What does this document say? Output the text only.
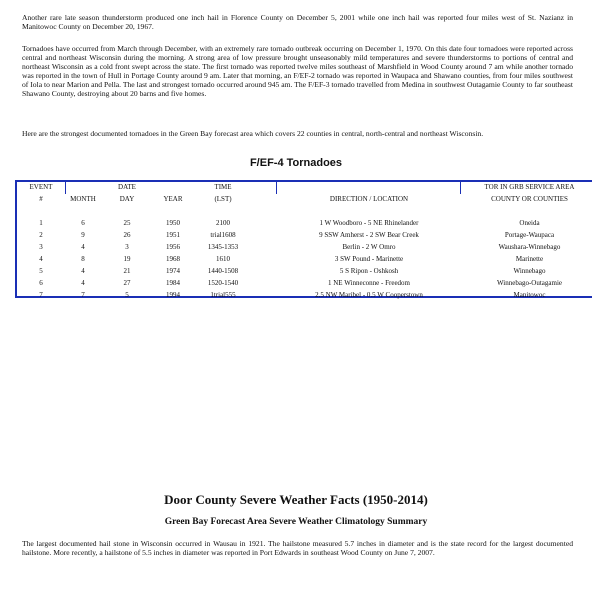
Another rare late season thunderstorm produced one inch hail in Florence County on December 5, 2001 while one inch hail was reported four miles west of St. Nazianz in Manitowoc County on December 20, 1967.

Tornadoes have occurred from March through December, with an extremely rare tornado outbreak occurring on December 1, 1970. On this date four tornadoes were reported across central and northeast Wisconsin during the morning. A strong area of low pressure brought unseasonably mild temperatures and severe thunderstorms to portions of central and northeast Wisconsin as a cold front swept across the state. The first tornado was reported twelve miles southeast of Marshfield in Wood County around 7 am while another tornado was reported in the town of Hull in Portage County around 9 am. Later that morning, an F/EF-2 tornado was reported in Waupaca and Shawano counties, from four miles southwest of Iola to near Marion and Pella. The last and strongest tornado occurred around 945 am. The F/EF-3 tornado travelled from Medina in southwest Outagamie County to far southeast Shawano County, destroying about 20 barns and five homes.

Here are the strongest documented tornadoes in the Green Bay forecast area which covers 22 counties in central, north-central and northeast Wisconsin.

F/EF-4 Tornadoes
EVENT	DATE	TIME	TOR IN GRB SERVICE AREA
#	MONTH	DAY	YEAR	(LST)	DIRECTION / LOCATION	COUNTY OR COUNTIES
1	6	25	1950	2100	1 W Woodboro - 5 NE Rhinelander	Oneida
2	9	26	1951	trial1608	9 SSW Amherst - 2 SW Bear Creek	Portage-Waupaca
3	4	3	1956	1345-1353	Berlin - 2 W Omro	Waushara-Winnebago
4	8	19	1968	1610	3 SW Pound - Marinette	Marinette
5	4	21	1974	1440-1508	5 S Ripon - Oshkosh	Winnebago
6	4	27	1984	1520-1540	1 NE Winneconne - Freedom	Winnebago-Outagamie
7	7	5	1994	1trial555	2.5 NW Maribel - 0.5 W Cooperstown	Manitowoc
Door County Severe Weather Facts (1950-2014)
Green Bay Forecast Area Severe Weather Climatology Summary

The largest documented hail stone in Wisconsin occurred in Wausau in 1921. The hailstone measured 5.7 inches in diameter and is the state record for the largest documented hailstone. More recently, a hailstone of 5.5 inches in diameter was reported in Port Edwards in southeast Wood County on June 7, 2007.
